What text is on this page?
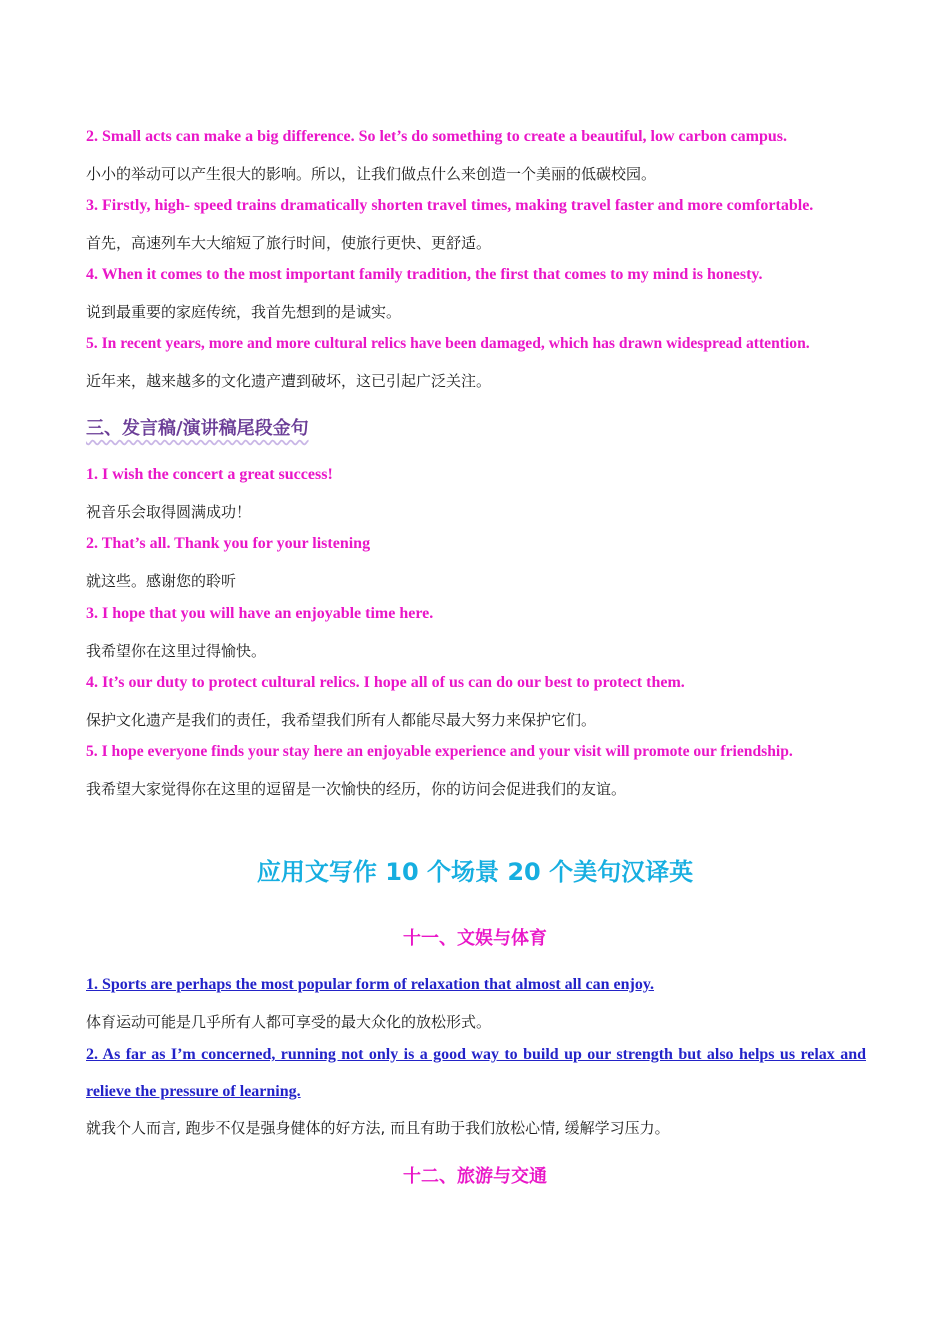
2. Small acts can make a big difference. So let’s do something to create a beautiful, low carbon campus.
小小的举动可以产生很大的影响。所以，让我们做点什么来创造一个美丽的低碳校园。
3. Firstly, high- speed trains dramatically shorten travel times, making travel faster and more comfortable.
首先，高速列车大大缩短了旅行时间，使旅行更快、更舒适。
4. When it comes to the most important family tradition, the first that comes to my mind is honesty.
说到最重要的家庭传统，我首先想到的是诚实。
5. In recent years, more and more cultural relics have been damaged, which has drawn widespread attention.
近年来，越来越多的文化遗产遭到破坏，这已引起广泛关注。
三、发言稿/演讲稿尾段金句
1. I wish the concert a great success!
祝音乐会取得圆满成功！
2. That’s all. Thank you for your listening
就这些。感谢您的聆听
3. I hope that you will have an enjoyable time here.
我希望你在这里过得愉快。
4. It’s our duty to protect cultural relics. I hope all of us can do our best to protect them.
保护文化遗产是我们的责任，我希望我们所有人都能尽最大努力来保护它们。
5. I hope everyone finds your stay here an enjoyable experience and your visit will promote our friendship.
我希望大家觉得你在这里的逗留是一次愉快的经历，你的访问会促进我们的友谊。
应用文写作 10 个场景 20 个美句汉译英
十一、文娱与体育
1. Sports are perhaps the most popular form of relaxation that almost all can enjoy.
体育运动可能是几乎所有人都可享受的最大众化的放松形式。
2. As far as I’m concerned, running not only is a good way to build up our strength but also helps us relax and relieve the pressure of learning.
就我个人而言, 跑步不仅是强身健体的好方法, 而且有助于我们放松心情, 缓解学习压力。
十二、旅游与交通
